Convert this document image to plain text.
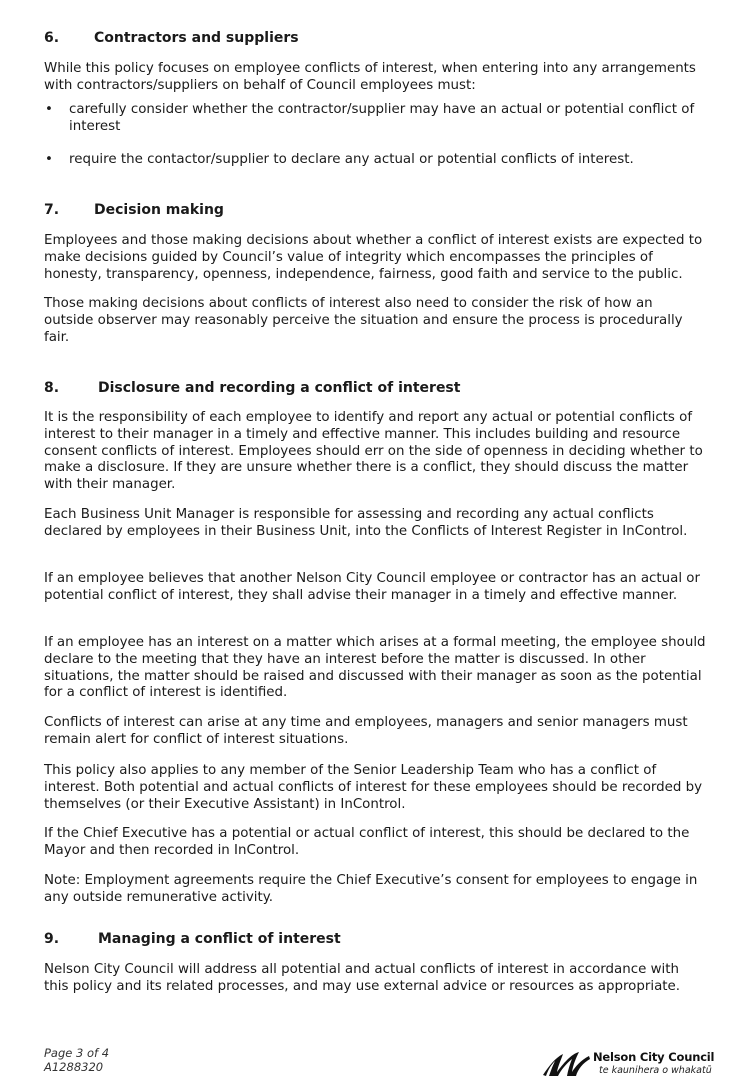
6. Contractors and suppliers

While this policy focuses on employee conflicts of interest, when entering into any arrangements with contractors/suppliers on behalf of Council employees must:

• carefully consider whether the contractor/supplier may have an actual or potential conflict of interest
• require the contactor/supplier to declare any actual or potential conflicts of interest.
7. Decision making

Employees and those making decisions about whether a conflict of interest exists are expected to make decisions guided by Council’s value of integrity which encompasses the principles of honesty, transparency, openness, independence, fairness, good faith and service to the public.

Those making decisions about conflicts of interest also need to consider the risk of how an outside observer may reasonably perceive the situation and ensure the process is procedurally fair.

8.	Disclosure and recording a conflict of interest

It is the responsibility of each employee to identify and report any actual or potential conflicts of interest to their manager in a timely and effective manner. This includes building and resource consent conflicts of interest. Employees should err on the side of openness in deciding whether to make a disclosure. If they are unsure whether there is a conflict, they should discuss the matter with their manager.

Each Business Unit Manager is responsible for assessing and recording any actual conflicts declared by employees in their Business Unit, into the Conflicts of Interest Register in InControl.

If an employee believes that another Nelson City Council employee or contractor has an actual or potential conflict of interest, they shall advise their manager in a timely and effective manner.

If an employee has an interest on a matter which arises at a formal meeting, the employee should declare to the meeting that they have an interest before the matter is discussed. In other situations, the matter should be raised and discussed with their manager as soon as the potential for a conflict of interest is identified.

Conflicts of interest can arise at any time and employees, managers and senior managers must remain alert for conflict of interest situations.

This policy also applies to any member of the Senior Leadership Team who has a conflict of interest. Both potential and actual conflicts of interest for these employees should be recorded by themselves (or their Executive Assistant) in InControl.

If the Chief Executive has a potential or actual conflict of interest, this should be declared to the Mayor and then recorded in InControl.

Note: Employment agreements require the Chief Executive’s consent for employees to engage in any outside remunerative activity.

9.	Managing a conflict of interest

Nelson City Council will address all potential and actual conflicts of interest in accordance with this policy and its related processes, and may use external advice or resources as appropriate.

Page 3 of 4
A1288320
Nelson City Council
te kaunihera o whakatū
